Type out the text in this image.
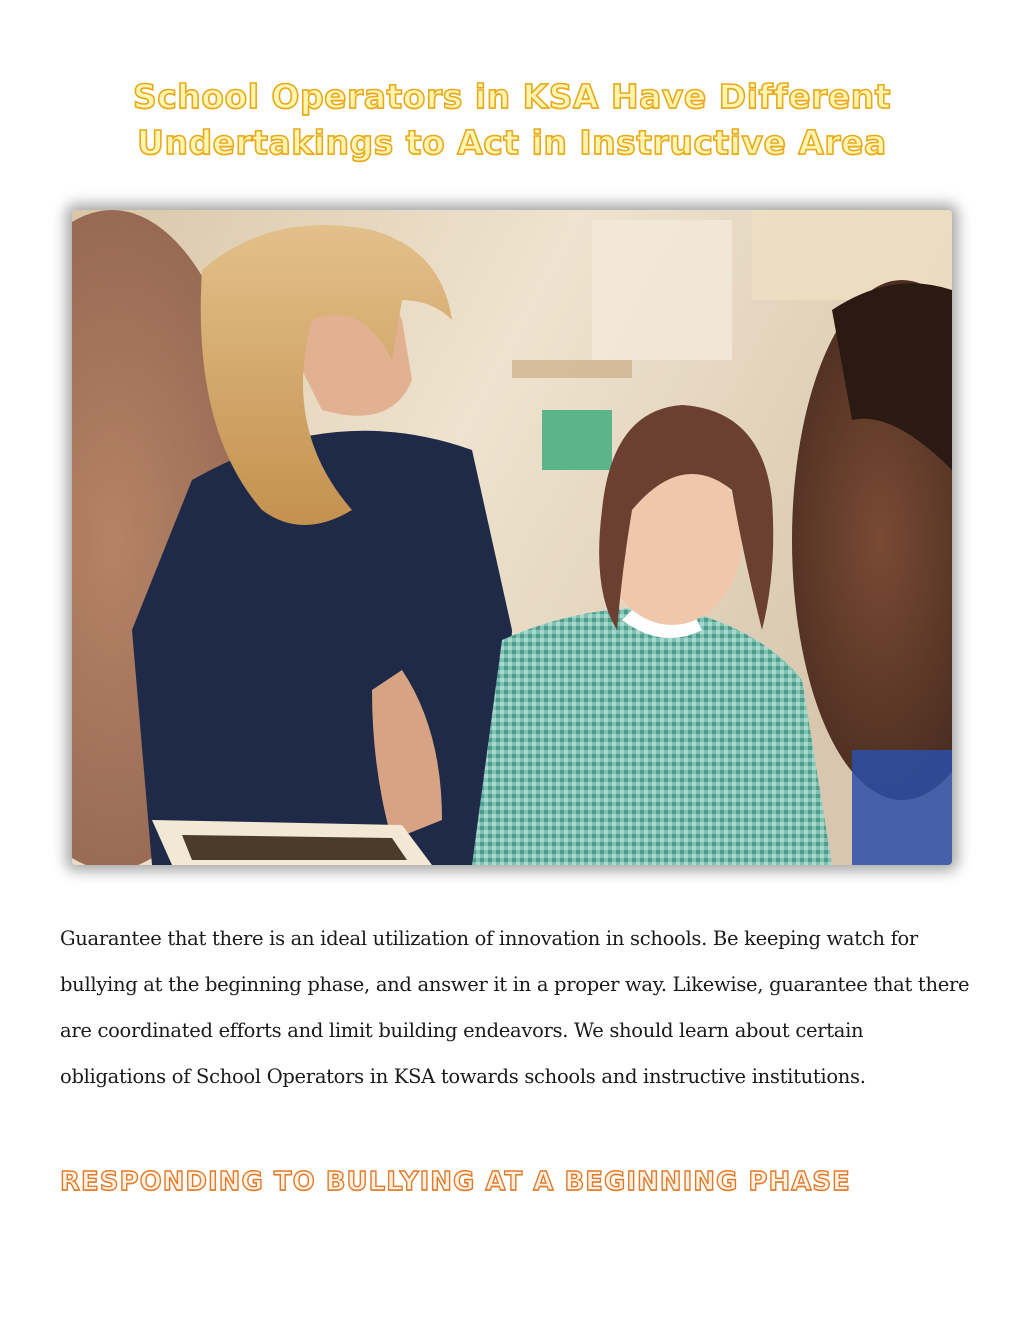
School Operators in KSA Have Different
Undertakings to Act in Instructive Area

Guarantee that there is an ideal utilization of innovation in schools. Be keeping watch for bullying at the beginning phase, and answer it in a proper way. Likewise, guarantee that there are coordinated efforts and limit building endeavors. We should learn about certain obligations of School Operators in KSA towards schools and instructive institutions.

RESPONDING TO BULLYING AT A BEGINNING PHASE
